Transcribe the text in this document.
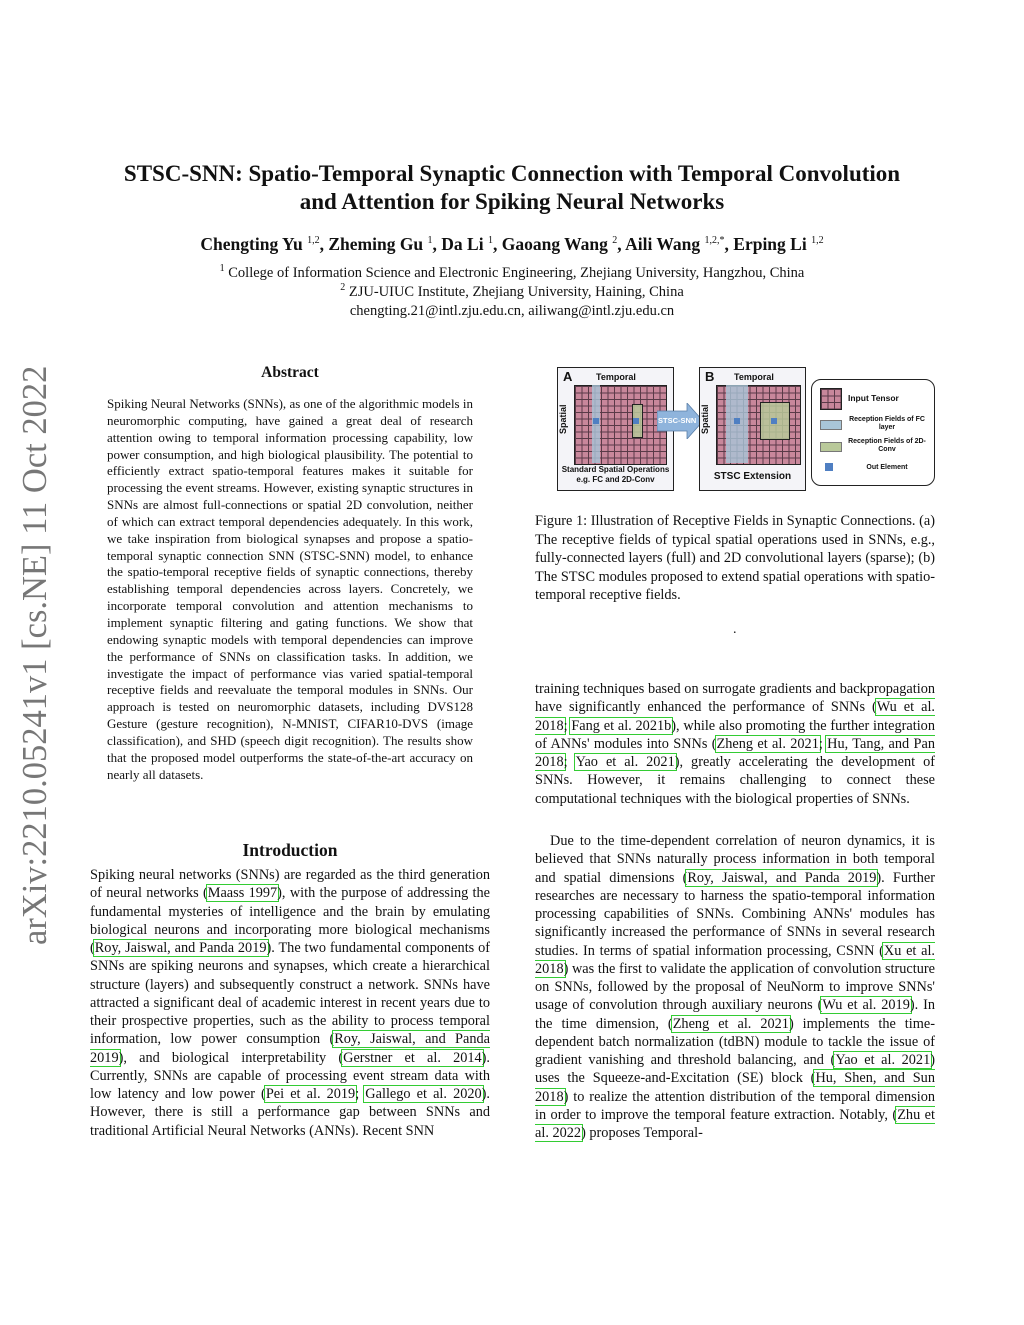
arXiv:2210.05241v1 [cs.NE] 11 Oct 2022
STSC-SNN: Spatio-Temporal Synaptic Connection with Temporal Convolution
and Attention for Spiking Neural Networks
Chengting Yu $^{1,2}$, Zheming Gu $^1$, Da Li $^1$, Gaoang Wang $^2$, Aili Wang $^{1,2,*}$, Erping Li $^{1,2}$
$^1$ College of Information Science and Electronic Engineering, Zhejiang University, Hangzhou, China
$^2$ ZJU-UIUC Institute, Zhejiang University, Haining, China
chengting.21@intl.zju.edu.cn, ailiwang@intl.zju.edu.cn
Abstract
Spiking Neural Networks (SNNs), as one of the algorithmic models in neuromorphic computing, have gained a great deal of research attention owing to temporal information processing capability, low power consumption, and high biological plausibility. The potential to efficiently extract spatio-temporal features makes it suitable for processing the event streams. However, existing synaptic structures in SNNs are almost full-connections or spatial 2D convolution, neither of which can extract temporal dependencies adequately. In this work, we take inspiration from biological synapses and propose a spatio-temporal synaptic connection SNN (STSC-SNN) model, to enhance the spatio-temporal receptive fields of synaptic connections, thereby establishing temporal dependencies across layers. Concretely, we incorporate temporal convolution and attention mechanisms to implement synaptic filtering and gating functions. We show that endowing synaptic models with temporal dependencies can improve the performance of SNNs on classification tasks. In addition, we investigate the impact of performance vias varied spatial-temporal receptive fields and reevaluate the temporal modules in SNNs. Our approach is tested on neuromorphic datasets, including DVS128 Gesture (gesture recognition), N-MNIST, CIFAR10-DVS (image classification), and SHD (speech digit recognition). The results show that the proposed model outperforms the state-of-the-art accuracy on nearly all datasets.
Introduction
Spiking neural networks (SNNs) are regarded as the third generation of neural networks (Maass 1997), with the purpose of addressing the fundamental mysteries of intelligence and the brain by emulating biological neurons and incorporating more biological mechanisms (Roy, Jaiswal, and Panda 2019). The two fundamental components of SNNs are spiking neurons and synapses, which create a hierarchical structure (layers) and subsequently construct a network. SNNs have attracted a significant deal of academic interest in recent years due to their prospective properties, such as the ability to process temporal information, low power consumption (Roy, Jaiswal, and Panda 2019), and biological interpretability (Gerstner et al. 2014). Currently, SNNs are capable of processing event stream data with low latency and low power (Pei et al. 2019; Gallego et al. 2020). However, there is still a performance gap between SNNs and traditional Artificial Neural Networks (ANNs). Recent SNN
A	Temporal
Spatial
Standard Spatial Operations
e.g. FC and 2D-Conv
STSC-SNN
B Temporal
Spatial
STSC Extension
Input Tensor
Reception Fields of FC layer
Reception Fields of 2D-Conv
Out Element
Figure 1: Illustration of Receptive Fields in Synaptic Connections. (a) The receptive fields of typical spatial operations used in SNNs, e.g., fully-connected layers (full) and 2D convolutional layers (sparse); (b) The STSC modules proposed to extend spatial operations with spatio-temporal receptive fields.
.
training techniques based on surrogate gradients and backpropagation have significantly enhanced the performance of SNNs (Wu et al. 2018; Fang et al. 2021b), while also promoting the further integration of ANNs' modules into SNNs (Zheng et al. 2021; Hu, Tang, and Pan 2018; Yao et al. 2021), greatly accelerating the development of SNNs. However, it remains challenging to connect these computational techniques with the biological properties of SNNs.
Due to the time-dependent correlation of neuron dynamics, it is believed that SNNs naturally process information in both temporal and spatial dimensions (Roy, Jaiswal, and Panda 2019). Further researches are necessary to harness the spatio-temporal information processing capabilities of SNNs. Combining ANNs' modules has significantly increased the performance of SNNs in several research studies. In terms of spatial information processing, CSNN (Xu et al. 2018) was the first to validate the application of convolution structure on SNNs, followed by the proposal of NeuNorm to improve SNNs' usage of convolution through auxiliary neurons (Wu et al. 2019). In the time dimension, (Zheng et al. 2021) implements the time-dependent batch normalization (tdBN) module to tackle the issue of gradient vanishing and threshold balancing, and (Yao et al. 2021) uses the Squeeze-and-Excitation (SE) block (Hu, Shen, and Sun 2018) to realize the attention distribution of the temporal dimension in order to improve the temporal feature extraction. Notably, (Zhu et al. 2022) proposes Temporal-
